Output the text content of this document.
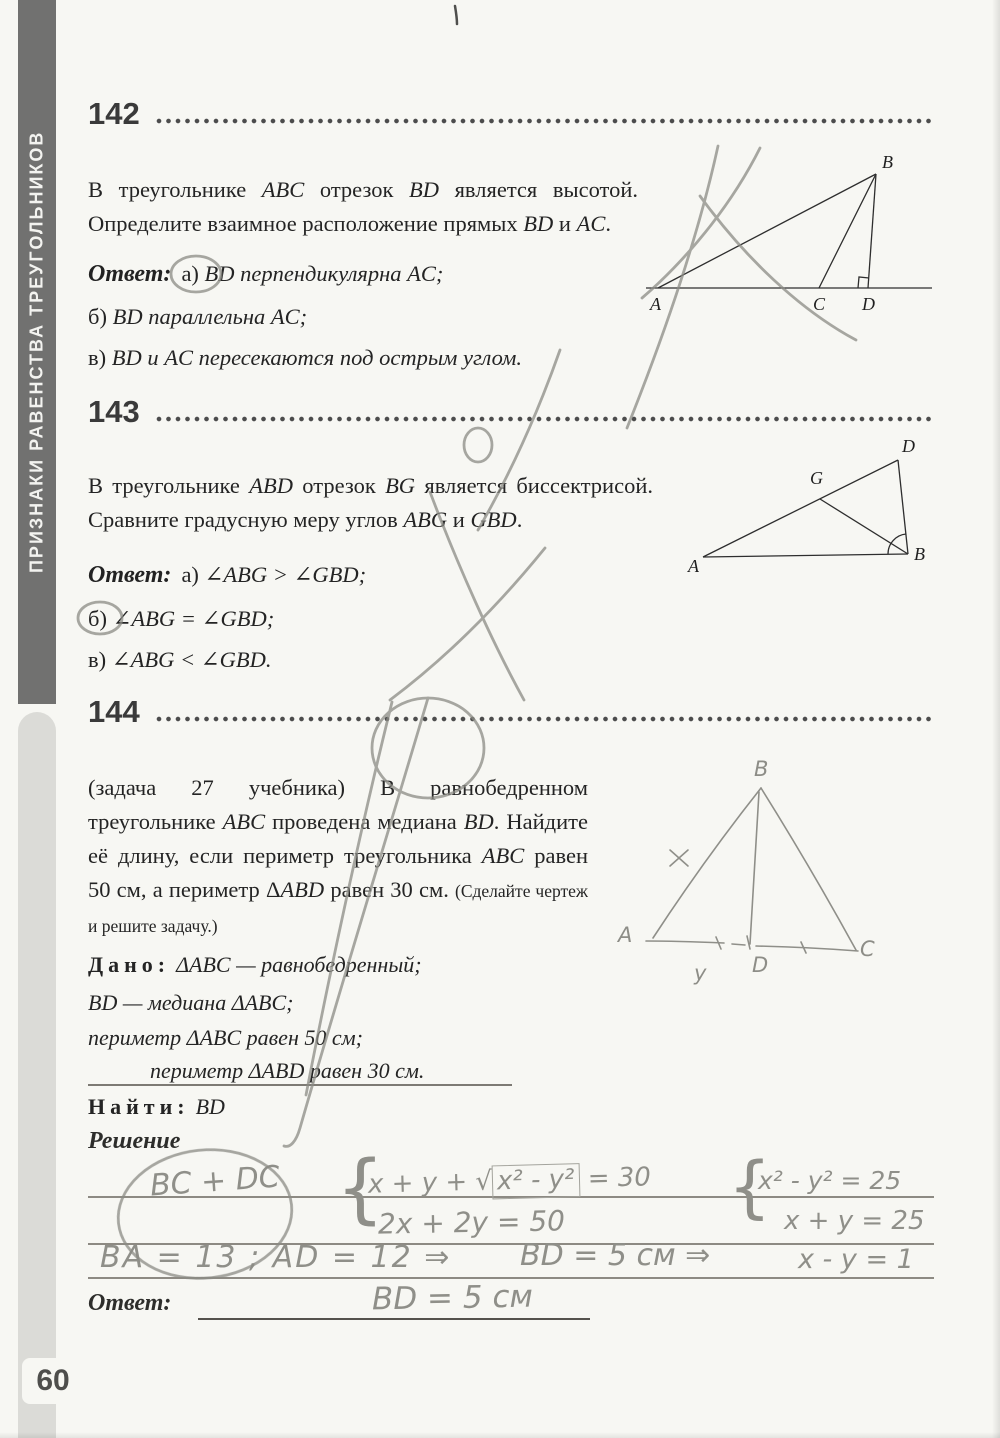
ПРИЗНАКИ РАВЕНСТВА ТРЕУГОЛЬНИКОВ
60
142

В треугольнике ABC отрезок BD является высотой. Определите взаимное расположение прямых BD и AC.

Ответ: а) BD перпендикулярна AC;
б) BD параллельна AC;
в) BD и AC пересекаются под острым углом.
B
A	C D
143

В треугольнике ABD отрезок BG является биссектрисой. Сравните градусную меру углов ABG и GBD.

Ответ: а) ∠ABG > ∠GBD;
б) ∠ABG = ∠GBD;
в) ∠ABG < ∠GBD.
A
B
D
G
144

(задача 27 учебника) В равнобедренном треугольнике ABC проведена медиана BD. Найдите её длину, если периметр треугольника ABC равен 50 см, а периметр ΔABD равен 30 см. (Сделайте чертеж и решите задачу.)

Дано: ΔABC — равнобедренный;
BD — медиана ΔABC;
периметр ΔABC равен 50 см;
периметр ΔABD равен 30 см.
Найти: BD
Решение
Ответ:
BC + DC {
x + y + √ x² - y² = 30
2x + 2y = 50 {
x² - y² = 25
x + y = 25
BA = 13 ; AD = 12 ⇒ BD = 5 см ⇒	x - y = 1
BD = 5 см
B
A
C
D
у
